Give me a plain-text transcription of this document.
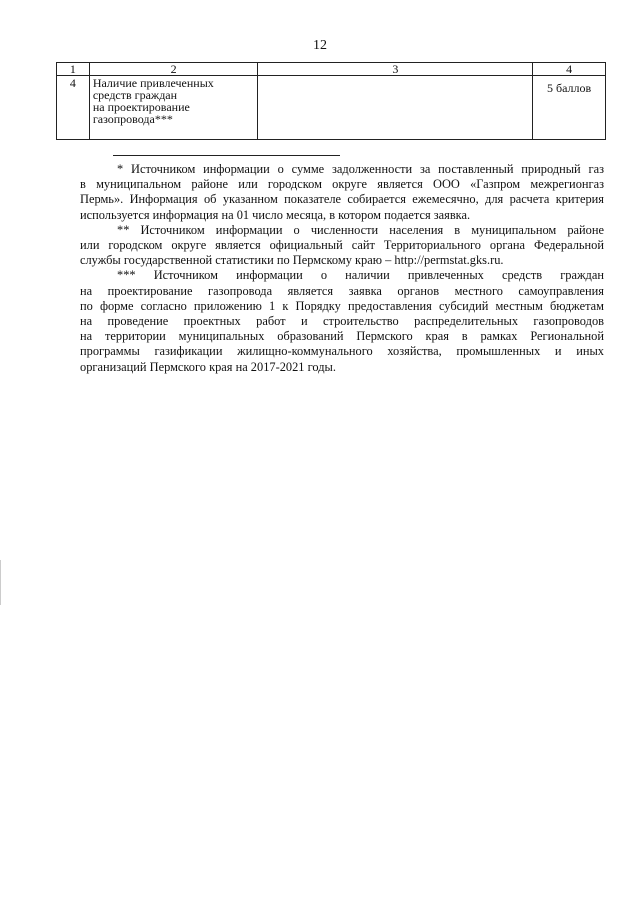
12
1	2	3	4
4	Наличие привлеченных
средств граждан
на проектирование
газопровода***		5 баллов
* Источником информации о сумме задолженности за поставленный природный газ
в муниципальном районе или городском округе является ООО «Газпром межрегионгаз
Пермь». Информация об указанном показателе собирается ежемесячно, для расчета критерия
используется информация на 01 число месяца, в котором подается заявка.
** Источником информации о численности населения в муниципальном районе
или городском округе является официальный сайт Территориального органа Федеральной
службы государственной статистики по Пермскому краю – http://permstat.gks.ru.
*** Источником информации о наличии привлеченных средств граждан
на проектирование газопровода является заявка органов местного самоуправления
по форме согласно приложению 1 к Порядку предоставления субсидий местным бюджетам
на проведение проектных работ и строительство распределительных газопроводов
на территории муниципальных образований Пермского края в рамках Региональной
программы газификации жилищно-коммунального хозяйства, промышленных и иных
организаций Пермского края на 2017-2021 годы.
